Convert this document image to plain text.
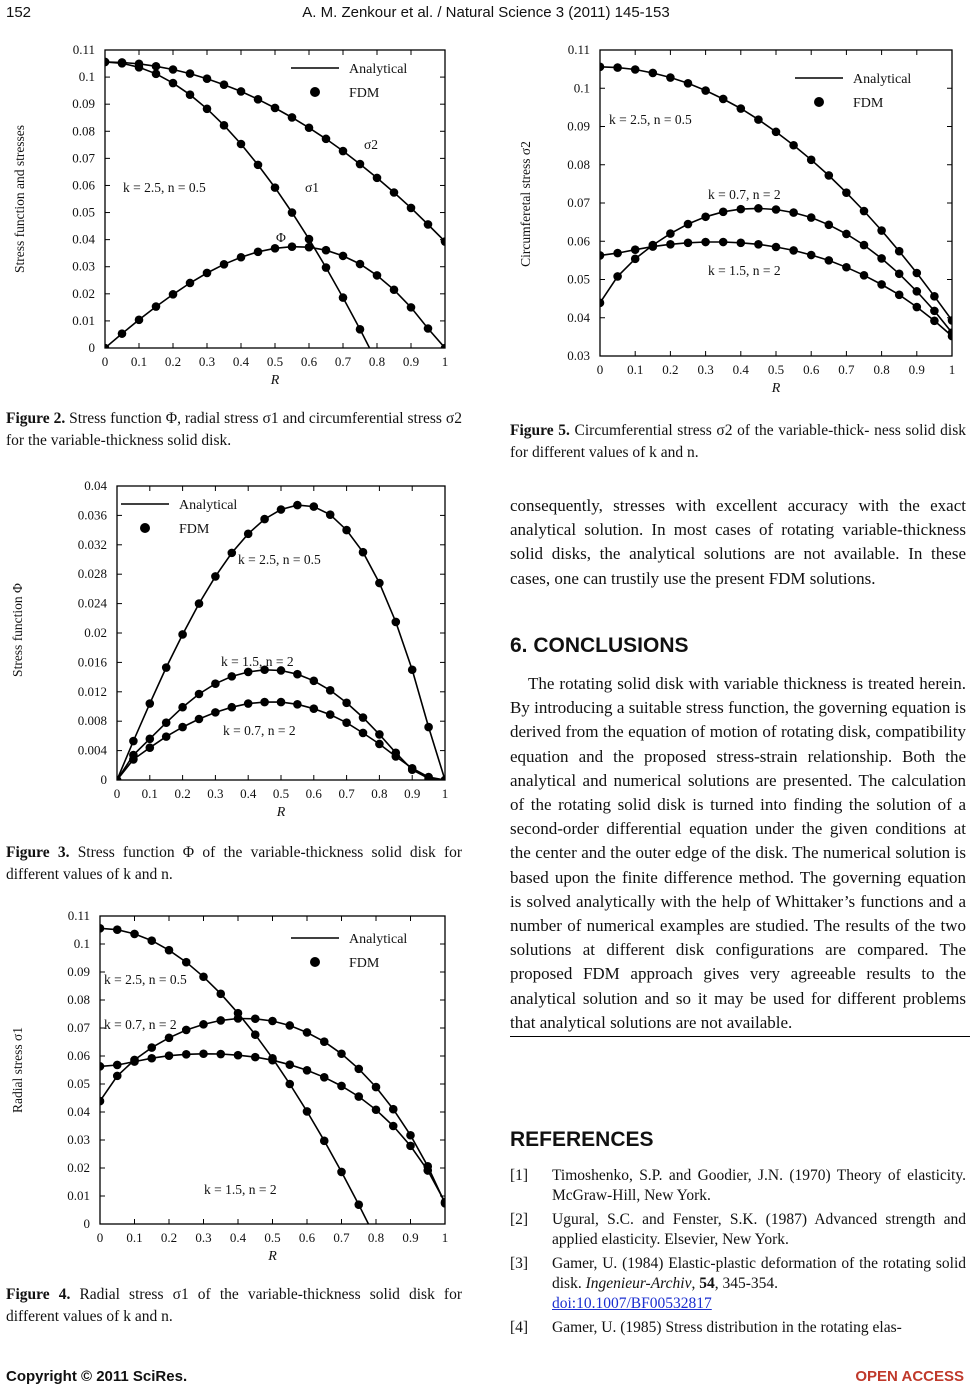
152	A. M. Zenkour et al. / Natural Science 3 (2011) 145-153
0
0.01
0.02
0.03
0.04
0.05
0.06
0.07
0.08
0.09
0.1
0.11
0 0.1 0.2 0.3 0.4 0.5 0.6 0.7 0.8 0.9 1
R
Stress function and stresses
Analytical
FDM
k = 2.5, n = 0.5
σ2
σ1
Φ
0
0.004
0.008
0.012
0.016
0.02
0.024
0.028
0.032
0.036
0.04
0 0.1 0.2 0.3 0.4 0.5 0.6 0.7 0.8 0.9 1
R
Stress function Φ
Analytical
FDM
k = 2.5, n = 0.5
k = 1.5, n = 2
k = 0.7, n = 2
0
0.01
0.02
0.03
0.04
0.05
0.06
0.07
0.08
0.09
0.1
0.11
0 0.1 0.2 0.3 0.4 0.5 0.6 0.7 0.8 0.9 1
R
Radial stress σ1
Analytical
FDM
k = 2.5, n = 0.5
k = 0.7, n = 2
k = 1.5, n = 2
0.03
0.04
0.05
0.06
0.07
0.08
0.09
0.1
0.11
0 0.1 0.2 0.3 0.4 0.5 0.6 0.7 0.8 0.9 1
R
Circumferetal stress σ2
Analytical
FDM
k = 2.5, n = 0.5
k = 0.7, n = 2
k = 1.5, n = 2
Figure 2. Stress function Φ, radial stress σ1 and circumferential stress σ2 for the variable-thickness solid disk.
Figure 3. Stress function Φ of the variable-thickness solid disk for different values of k and n.
Figure 4. Radial stress σ1 of the variable-thickness solid disk for different values of k and n.
Figure 5. Circumferential stress σ2 of the variable-thick- ness solid disk for different values of k and n.

consequently, stresses with excellent accuracy with the exact analytical solution. In most cases of rotating variable-thickness solid disks, the analytical solutions are not available. In these cases, one can trustily use the present FDM solutions.

6. CONCLUSIONS

The rotating solid disk with variable thickness is treated herein. By introducing a suitable stress function, the governing equation is derived from the equation of motion of rotating disk, compatibility equation and the proposed stress-strain relationship. Both the analytical and numerical solutions are presented. The calculation of the rotating solid disk is turned into finding the solution of a second-order differential equation under the given conditions at the center and the outer edge of the disk. The numerical solution is based upon the finite difference method. The governing equation is solved analytically with the help of Whittaker’s functions and a number of numerical examples are studied. The results of the two solutions at different disk configurations are compared. The proposed FDM approach gives very agreeable results to the analytical solution and so it may be used for different problems that analytical solutions are not available.

REFERENCES
[1] Timoshenko, S.P. and Goodier, J.N. (1970) Theory of elasticity. McGraw-Hill, New York.
[2] Ugural, S.C. and Fenster, S.K. (1987) Advanced strength and applied elasticity. Elsevier, New York.
[3] Gamer, U. (1984) Elastic-plastic deformation of the rotating solid disk. Ingenieur-Archiv, 54, 345-354.
doi:10.1007/BF00532817
[4] Gamer, U. (1985) Stress distribution in the rotating elas-
Copyright © 2011 SciRes.	OPEN ACCESS
